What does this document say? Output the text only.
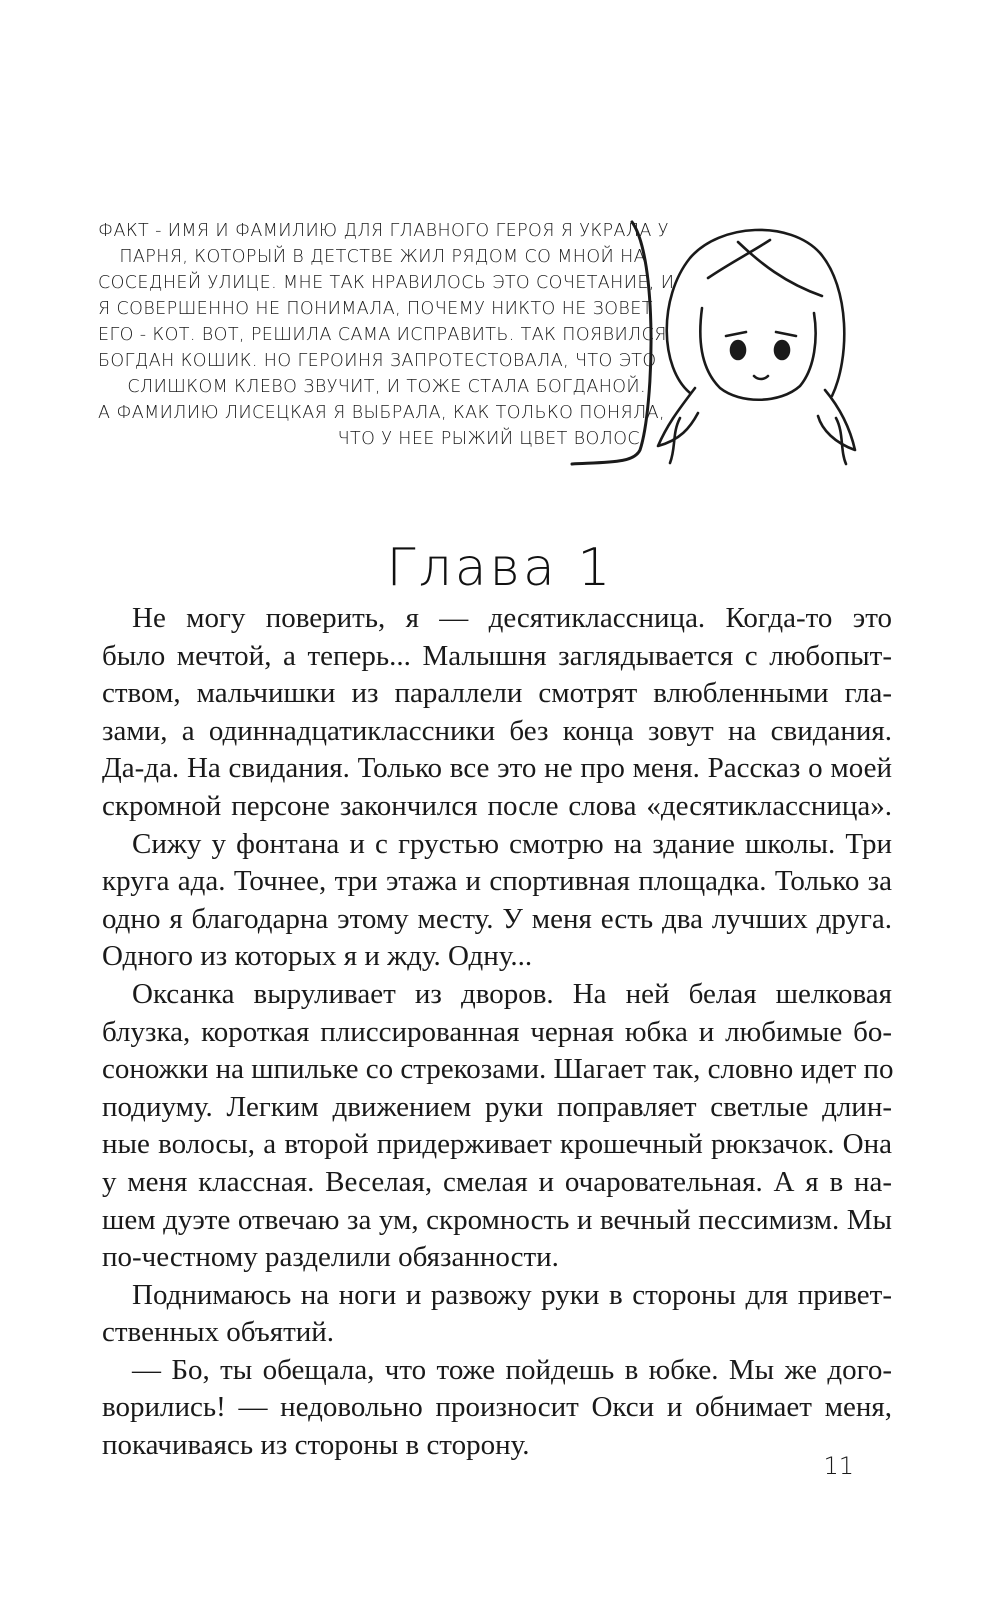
ФАКТ - ИМЯ И ФАМИЛИЮ ДЛЯ ГЛАВНОГО ГЕРОЯ Я УКРАЛА У
ПАРНЯ, КОТОРЫЙ В ДЕТСТВЕ ЖИЛ РЯДОМ СО МНОЙ НА
СОСЕДНЕЙ УЛИЦЕ. МНЕ ТАК НРАВИЛОСЬ ЭТО СОЧЕТАНИЕ, И
Я СОВЕРШЕННО НЕ ПОНИМАЛА, ПОЧЕМУ НИКТО НЕ ЗОВЕТ
ЕГО - КОТ. ВОТ, РЕШИЛА САМА ИСПРАВИТЬ. ТАК ПОЯВИЛСЯ
БОГДАН КОШИК. НО ГЕРОИНЯ ЗАПРОТЕСТОВАЛА, ЧТО ЭТО
СЛИШКОМ КЛЕВО ЗВУЧИТ, И ТОЖЕ СТАЛА БОГДАНОЙ.
А ФАМИЛИЮ ЛИСЕЦКАЯ Я ВЫБРАЛА, КАК ТОЛЬКО ПОНЯЛА,
ЧТО У НЕЕ РЫЖИЙ ЦВЕТ ВОЛОС.
Глава 1
Не могу поверить, я — десятиклассница. Когда-то это
было мечтой, а теперь... Малышня заглядывается с любопыт-
ством, мальчишки из параллели смотрят влюбленными гла-
зами, а одиннадцатиклассники без конца зовут на свидания.
Да-да. На свидания. Только все это не про меня. Рассказ о моей
скромной персоне закончился после слова «десятиклассница».
Сижу у фонтана и с грустью смотрю на здание школы. Три
круга ада. Точнее, три этажа и спортивная площадка. Только за
одно я благодарна этому месту. У меня есть два лучших друга.
Одного из которых я и жду. Одну...
Оксанка выруливает из дворов. На ней белая шелковая
блузка, короткая плиссированная черная юбка и любимые бо-
соножки на шпильке со стрекозами. Шагает так, словно идет по
подиуму. Легким движением руки поправляет светлые длин-
ные волосы, а второй придерживает крошечный рюкзачок. Она
у меня классная. Веселая, смелая и очаровательная. А я в на-
шем дуэте отвечаю за ум, скромность и вечный пессимизм. Мы
по-честному разделили обязанности.
Поднимаюсь на ноги и развожу руки в стороны для привет-
ственных объятий.
— Бо, ты обещала, что тоже пойдешь в юбке. Мы же дого-
ворились! — недовольно произносит Окси и обнимает меня,
покачиваясь из стороны в сторону.
11
